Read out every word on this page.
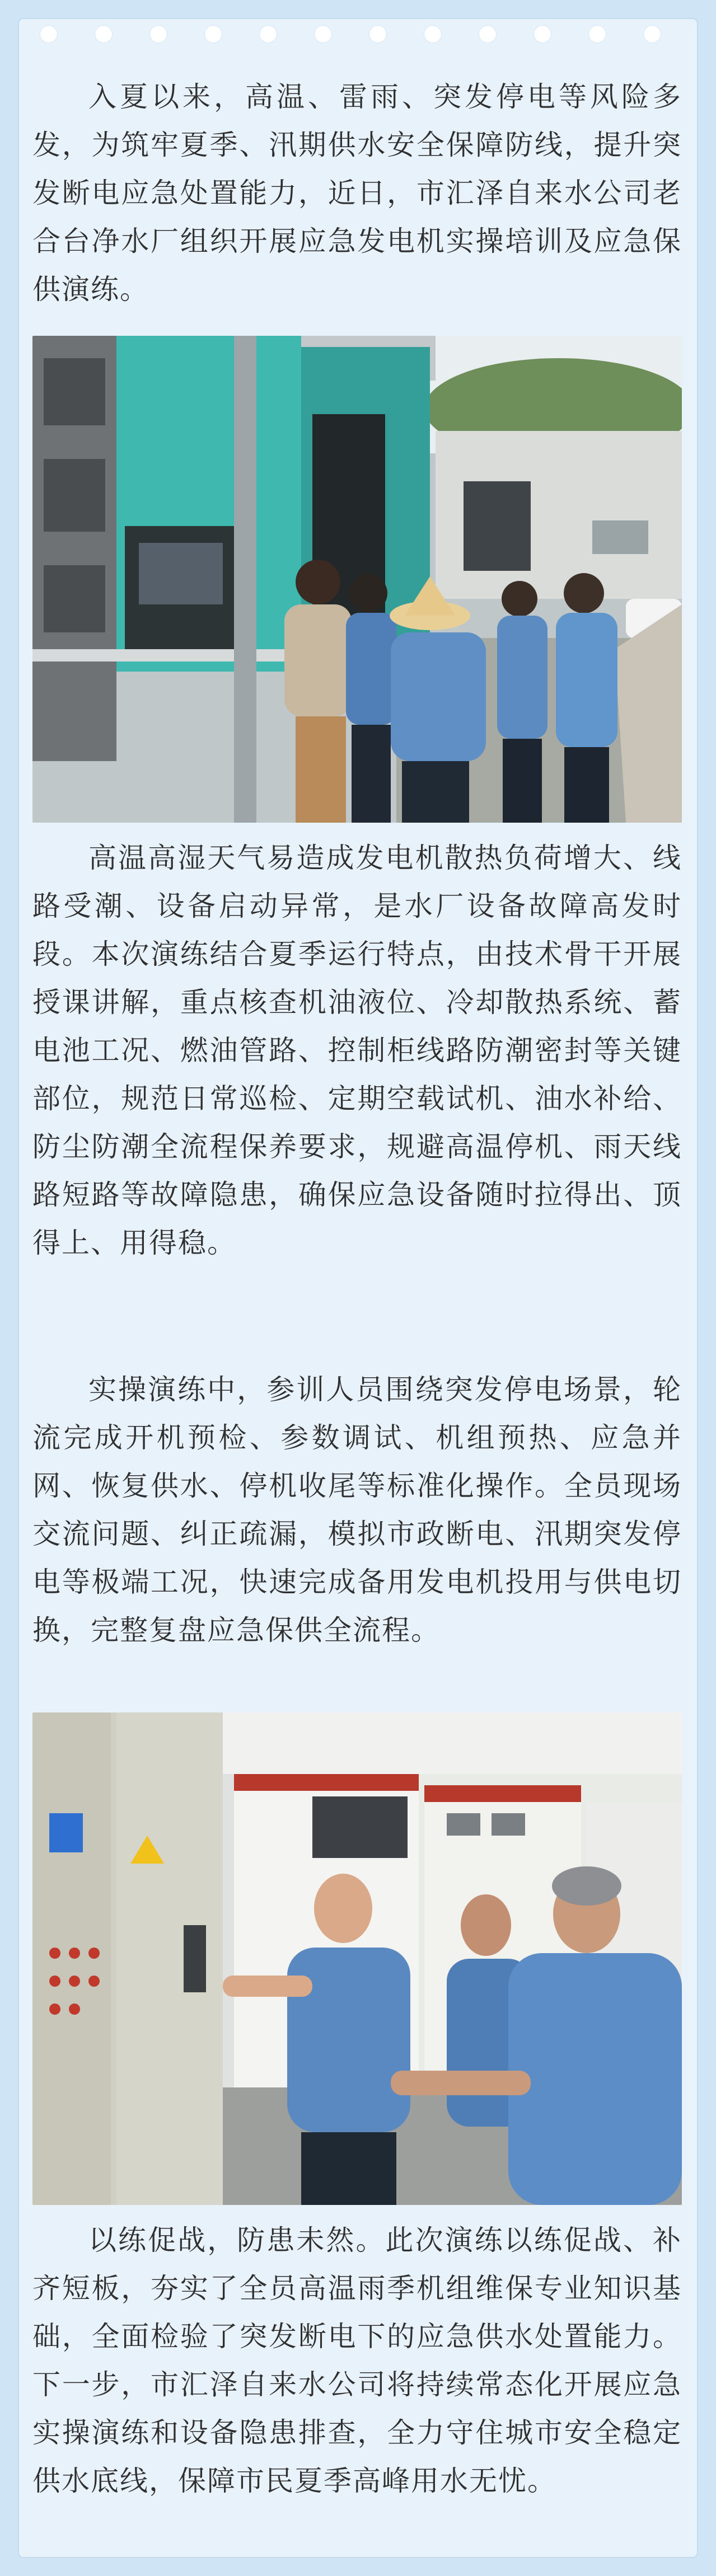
入夏以来，高温、雷雨、突发停电等风险多发，为筑牢夏季、汛期供水安全保障防线，提升突发断电应急处置能力，近日，市汇泽自来水公司老合台净水厂组织开展应急发电机实操培训及应急保供演练。

高温高湿天气易造成发电机散热负荷增大、线路受潮、设备启动异常，是水厂设备故障高发时段。本次演练结合夏季运行特点，由技术骨干开展授课讲解，重点核查机油液位、冷却散热系统、蓄电池工况、燃油管路、控制柜线路防潮密封等关键部位，规范日常巡检、定期空载试机、油水补给、防尘防潮全流程保养要求，规避高温停机、雨天线路短路等故障隐患，确保应急设备随时拉得出、顶得上、用得稳。

实操演练中，参训人员围绕突发停电场景，轮流完成开机预检、参数调试、机组预热、应急并网、恢复供水、停机收尾等标准化操作。全员现场交流问题、纠正疏漏，模拟市政断电、汛期突发停电等极端工况，快速完成备用发电机投用与供电切换，完整复盘应急保供全流程。

以练促战，防患未然。此次演练以练促战、补齐短板，夯实了全员高温雨季机组维保专业知识基础，全面检验了突发断电下的应急供水处置能力。下一步，市汇泽自来水公司将持续常态化开展应急实操演练和设备隐患排查，全力守住城市安全稳定供水底线，保障市民夏季高峰用水无忧。
